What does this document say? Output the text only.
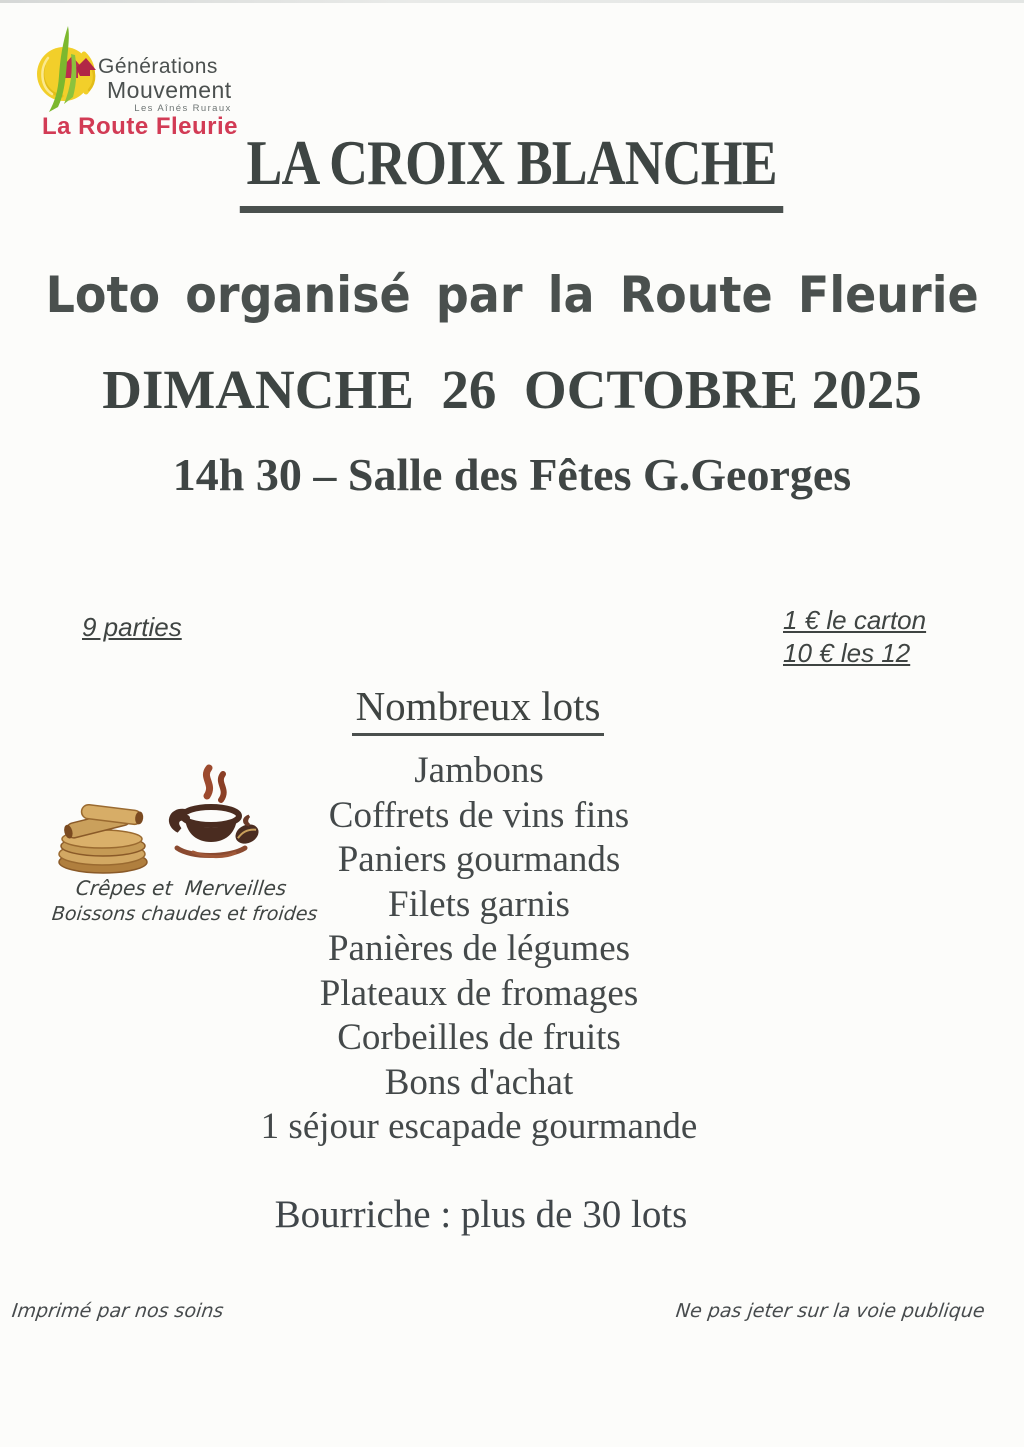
Générations
Mouvement
Les Aînés Ruraux
La Route Fleurie
LA CROIX BLANCHE
Loto organisé par la Route Fleurie
DIMANCHE  26  OCTOBRE 2025
14h 30 – Salle des Fêtes G.Georges
9 parties	1 € le carton
10 € les 12
Nombreux lots
Jambons
Coffrets de vins fins
Paniers gourmands
Filets garnis
Panières de légumes
Plateaux de fromages
Corbeilles de fruits
Bons d'achat
1 séjour escapade gourmande
Bourriche : plus de 30 lots
Crêpes et  Merveilles
Boissons chaudes et froides
Imprimé par nos soins	Ne pas jeter sur la voie publique
